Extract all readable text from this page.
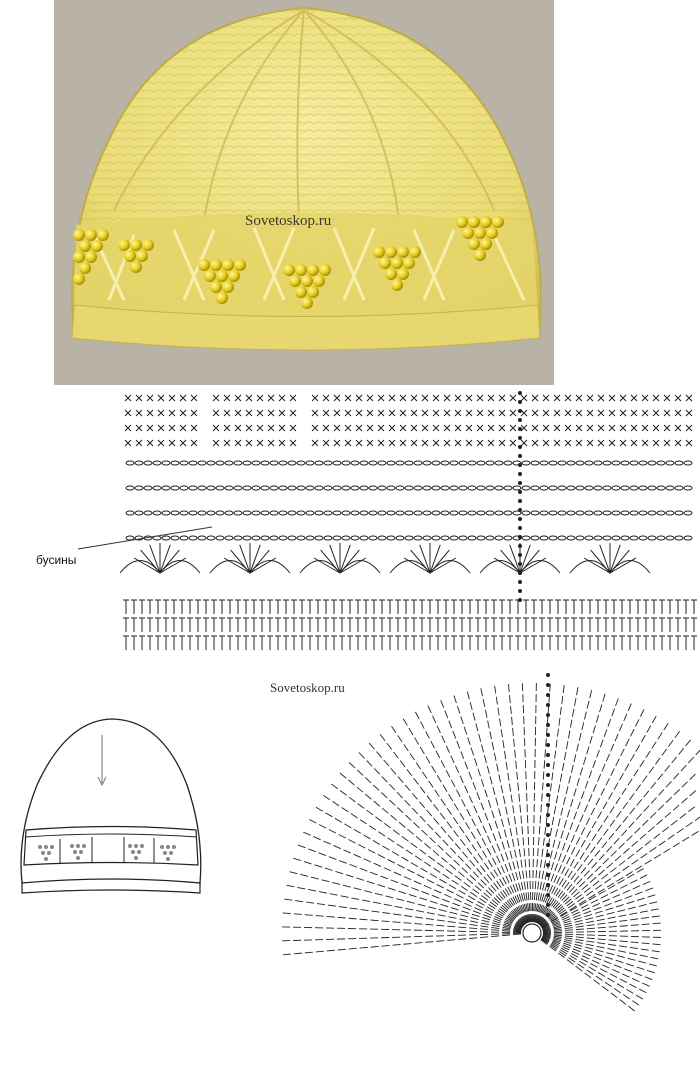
Sovetoskop.ru
бусины
Sovetoskop.ru
